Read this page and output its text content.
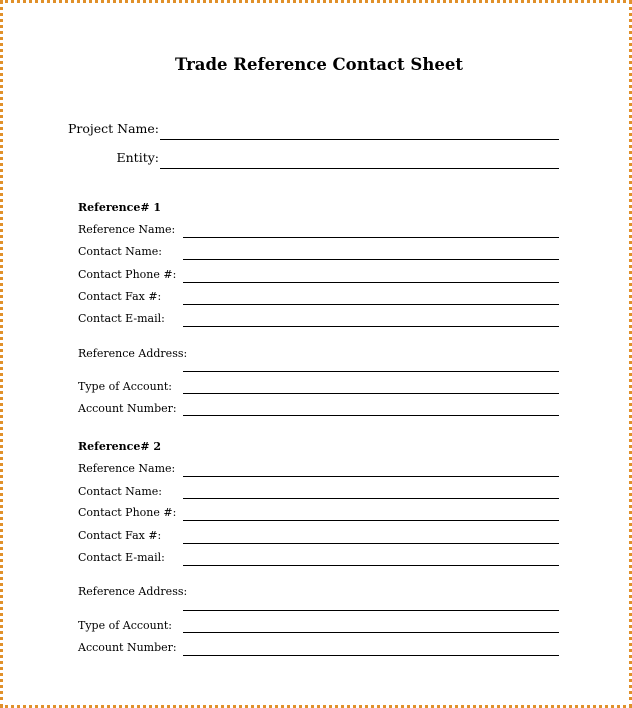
Trade Reference Contact Sheet
Project Name:
Entity:
Reference# 1
Reference Name:
Contact Name:
Contact Phone #:
Contact Fax #:
Contact E-mail:
Reference Address:
Type of Account:
Account Number:
Reference# 2
Reference Name:
Contact Name:
Contact Phone #:
Contact Fax #:
Contact E-mail:
Reference Address:
Type of Account:
Account Number:
